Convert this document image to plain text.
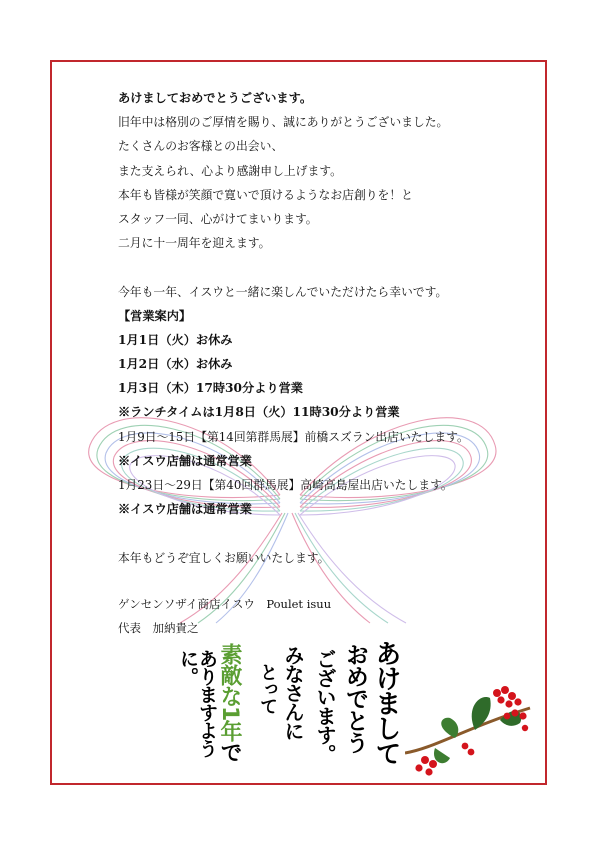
あけましておめでとうございます。
旧年中は格別のご厚情を賜り、誠にありがとうございました。
たくさんのお客様との出会い、
また支えられ、心より感謝申し上げます。
本年も皆様が笑顔で寛いで頂けるようなお店創りを！と
スタッフ一同、心がけてまいります。
二月に十一周年を迎えます。
今年も一年、イスウと一緒に楽しんでいただけたら幸いです。
【営業案内】
1月1日（火）お休み
1月2日（水）お休み
1月3日（木）17時30分より営業
※ランチタイムは1月8日（火）11時30分より営業
1月9日～15日【第14回第群馬展】前橋スズラン出店いたします。
※イスウ店舗は通常営業
1月23日～29日【第40回群馬展】高崎高島屋出店いたします。
※イスウ店舗は通常営業
本年もどうぞ宜しくお願いいたします。
ゲンセンソザイ商店イスウ　Poulet isuu
代表　加納貴之
あけまして
おめでとう
ございます。
みなさんに
とって
素敵な1年で
ありますように。
